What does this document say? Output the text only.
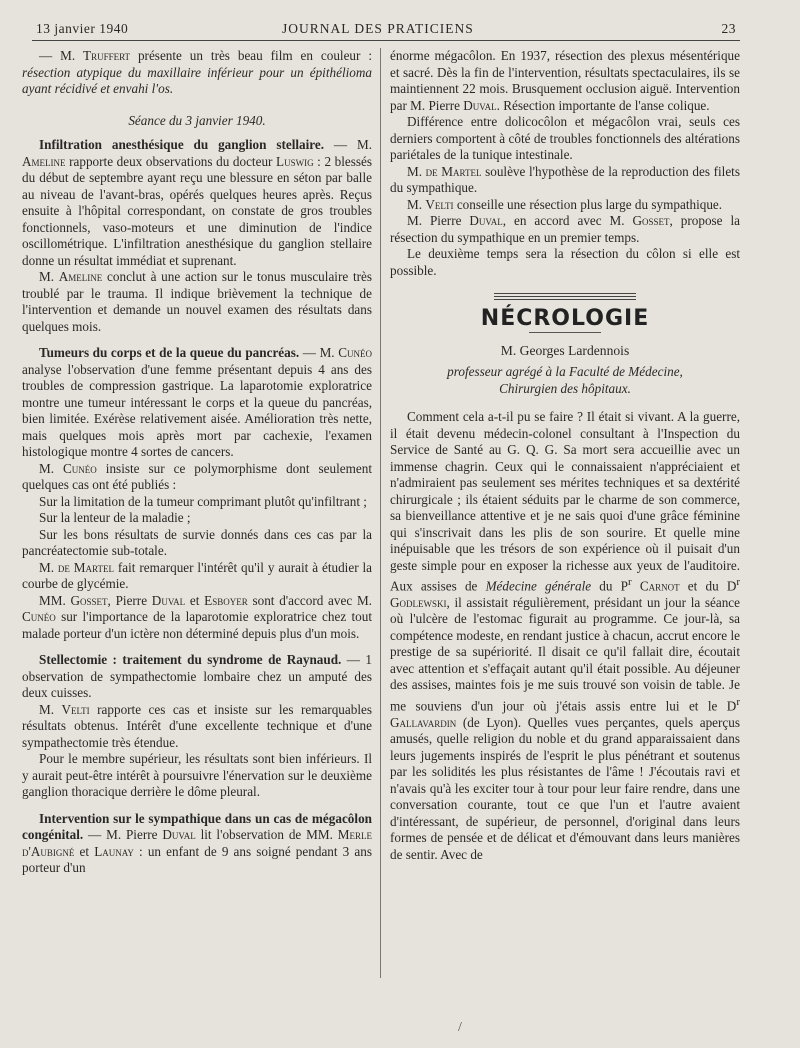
13 janvier 1940	JOURNAL DES PRATICIENS	23

— M. Truffert présente un très beau film en couleur : résection atypique du maxillaire inférieur pour un épithélioma ayant récidivé et envahi l'os.

Séance du 3 janvier 1940.

Infiltration anesthésique du ganglion stellaire. — M. Ameline rapporte deux observations du docteur Luswig : 2 blessés du début de septembre ayant reçu une blessure en séton par balle au niveau de l'avant-bras, opérés quelques heures après. Reçus ensuite à l'hôpital correspondant, on constate de gros troubles fonctionnels, vaso-moteurs et une diminution de l'indice oscillométrique. L'infiltration anesthésique du ganglion stellaire donne un résultat immédiat et suprenant.

M. Ameline conclut à une action sur le tonus musculaire très troublé par le trauma. Il indique brièvement la technique de l'intervention et demande un nouvel examen des résultats dans quelques mois.

Tumeurs du corps et de la queue du pancréas. — M. Cunéo analyse l'observation d'une femme présentant depuis 4 ans des troubles de compression gastrique. La laparotomie exploratrice montre une tumeur intéressant le corps et la queue du pancréas, bien limitée. Exérèse relativement aisée. Amélioration très nette, mais quelques mois après mort par cachexie, l'examen histologique montre 4 sortes de cancers.

M. Cunéo insiste sur ce polymorphisme dont seulement quelques cas ont été publiés :

Sur la limitation de la tumeur comprimant plutôt qu'infiltrant ;

Sur la lenteur de la maladie ;

Sur les bons résultats de survie donnés dans ces cas par la pancréatectomie sub-totale.

M. de Martel fait remarquer l'intérêt qu'il y aurait à étudier la courbe de glycémie.

MM. Gosset, Pierre Duval et Esboyer sont d'accord avec M. Cunéo sur l'importance de la laparotomie exploratrice chez tout malade porteur d'un ictère non déterminé depuis plus d'un mois.

Stellectomie : traitement du syndrome de Raynaud. — 1 observation de sympathectomie lombaire chez un amputé des deux cuisses.

M. Velti rapporte ces cas et insiste sur les remarquables résultats obtenus. Intérêt d'une excellente technique et d'une sympathectomie très étendue.

Pour le membre supérieur, les résultats sont bien inférieurs. Il y aurait peut-être intérêt à poursuivre l'énervation sur le deuxième ganglion thoracique derrière le dôme pleural.

Intervention sur le sympathique dans un cas de mégacôlon congénital. — M. Pierre Duval lit l'observation de MM. Merle d'Aubigné et Launay : un enfant de 9 ans soigné pendant 3 ans porteur d'un

énorme mégacôlon. En 1937, résection des plexus mésentérique et sacré. Dès la fin de l'intervention, résultats spectaculaires, ils se maintiennent 22 mois. Brusquement occlusion aiguë. Intervention par M. Pierre Duval. Résection importante de l'anse colique.

Différence entre dolicocôlon et mégacôlon vrai, seuls ces derniers comportent à côté de troubles fonctionnels des altérations pariétales de la tunique intestinale.

M. de Martel soulève l'hypothèse de la reproduction des filets du sympathique.

M. Velti conseille une résection plus large du sympathique.

M. Pierre Duval, en accord avec M. Gosset, propose la résection du sympathique en un premier temps.

Le deuxième temps sera la résection du côlon si elle est possible.

NÉCROLOGIE
M. Georges Lardennois
professeur agrégé à la Faculté de Médecine,
Chirurgien des hôpitaux.

Comment cela a-t-il pu se faire ? Il était si vivant. A la guerre, il était devenu médecin-colonel consultant à l'Inspection du Service de Santé au G. Q. G. Sa mort sera accueillie avec un immense chagrin. Ceux qui le connaissaient n'appréciaient et n'admiraient pas seulement ses mérites techniques et sa dextérité chirurgicale ; ils étaient séduits par le charme de son commerce, sa bienveillance attentive et je ne sais quoi d'une grâce féminine qui s'inscrivait dans les plis de son sourire. Et quelle mine inépuisable que les trésors de son expérience où il puisait d'un geste simple pour en exposer la richesse aux yeux de l'auditoire. Aux assises de Médecine générale du $P^r$ Carnot et du $D^r$ Godlewski, il assistait régulièrement, présidant un jour la séance où l'ulcère de l'estomac figurait au programme. Ce jour-là, sa compétence modeste, en rendant justice à chacun, accrut encore le prestige de sa supériorité. Il disait ce qu'il fallait dire, écoutait avec attention et s'effaçait autant qu'il était possible. Au déjeuner des assises, maintes fois je me suis trouvé son voisin de table. Je me souviens d'un jour où j'étais assis entre lui et le $D^r$ Gallavardin (de Lyon). Quelles vues perçantes, quels aperçus amusés, quelle religion du noble et du grand apparaissaient dans leurs jugements inspirés de l'esprit le plus pénétrant et soutenus par les solidités les plus résistantes de l'âme ! J'écoutais ravi et n'avais qu'à les exciter tour à tour pour leur faire rendre, dans une conversation courante, tout ce que l'un et l'autre avaient d'intéressant, de supérieur, de personnel, d'original dans leurs formes de pensée et de délicat et d'émouvant dans leurs manières de sentir. Avec de

/
